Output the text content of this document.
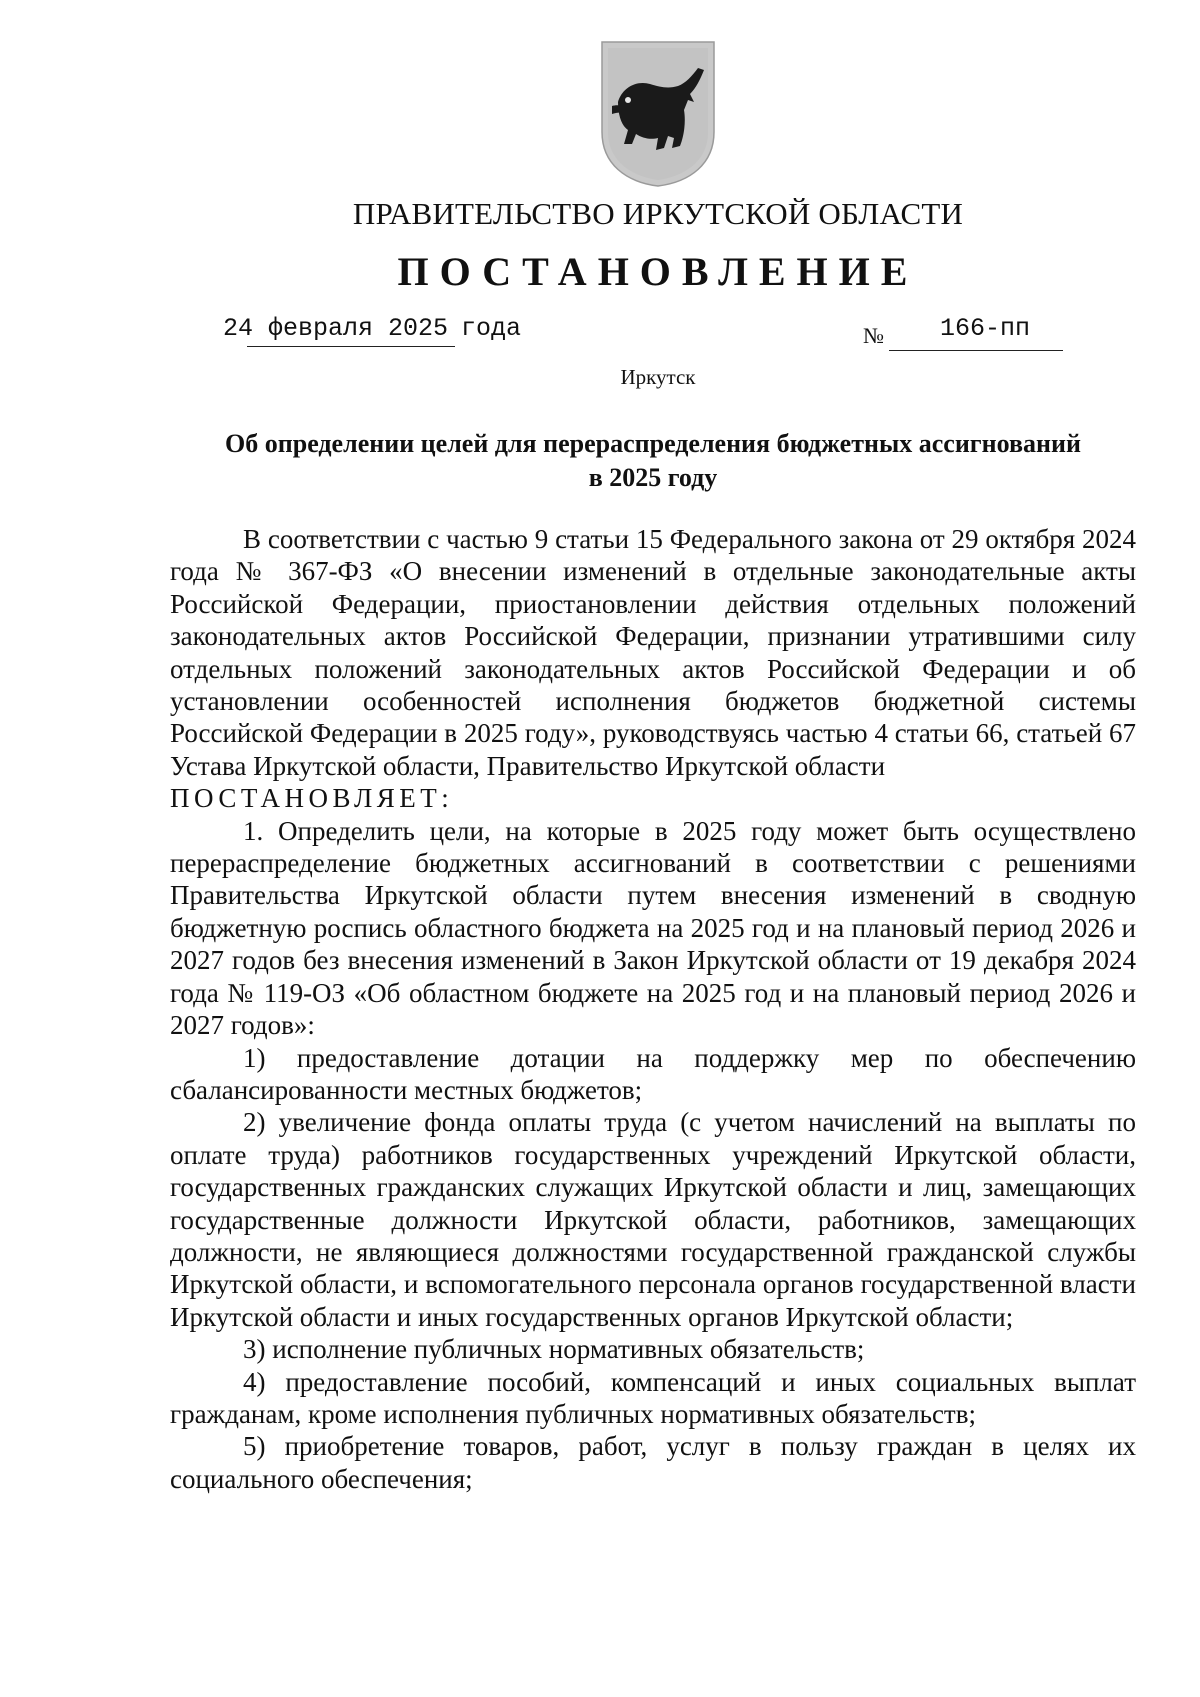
ПРАВИТЕЛЬСТВО ИРКУТСКОЙ ОБЛАСТИ
ПОСТАНОВЛЕНИЕ
24 февраля 2025 года	№ 166-пп
Иркутск
Об определении целей для перераспределения бюджетных ассигнований
в 2025 году

В соответствии с частью 9 статьи 15 Федерального закона от 29 октября 2024 года № 367-ФЗ «О внесении изменений в отдельные законодательные акты Российской Федерации, приостановлении действия отдельных положений законодательных актов Российской Федерации, признании утратившими силу отдельных положений законодательных актов Российской Федерации и об установлении особенностей исполнения бюджетов бюджетной системы Российской Федерации в 2025 году», руководствуясь частью 4 статьи 66, статьей 67 Устава Иркутской области, Правительство Иркутской области

ПОСТАНОВЛЯЕТ:

1. Определить цели, на которые в 2025 году может быть осуществлено перераспределение бюджетных ассигнований в соответствии с решениями Правительства Иркутской области путем внесения изменений в сводную бюджетную роспись областного бюджета на 2025 год и на плановый период 2026 и 2027 годов без внесения изменений в Закон Иркутской области от 19 декабря 2024 года № 119-ОЗ «Об областном бюджете на 2025 год и на плановый период 2026 и 2027 годов»:

1) предоставление дотации на поддержку мер по обеспечению сбалансированности местных бюджетов;

2) увеличение фонда оплаты труда (с учетом начислений на выплаты по оплате труда) работников государственных учреждений Иркутской области, государственных гражданских служащих Иркутской области и лиц, замещающих государственные должности Иркутской области, работников, замещающих должности, не являющиеся должностями государственной гражданской службы Иркутской области, и вспомогательного персонала органов государственной власти Иркутской области и иных государственных органов Иркутской области;

3) исполнение публичных нормативных обязательств;

4) предоставление пособий, компенсаций и иных социальных выплат гражданам, кроме исполнения публичных нормативных обязательств;

5) приобретение товаров, работ, услуг в пользу граждан в целях их социального обеспечения;
